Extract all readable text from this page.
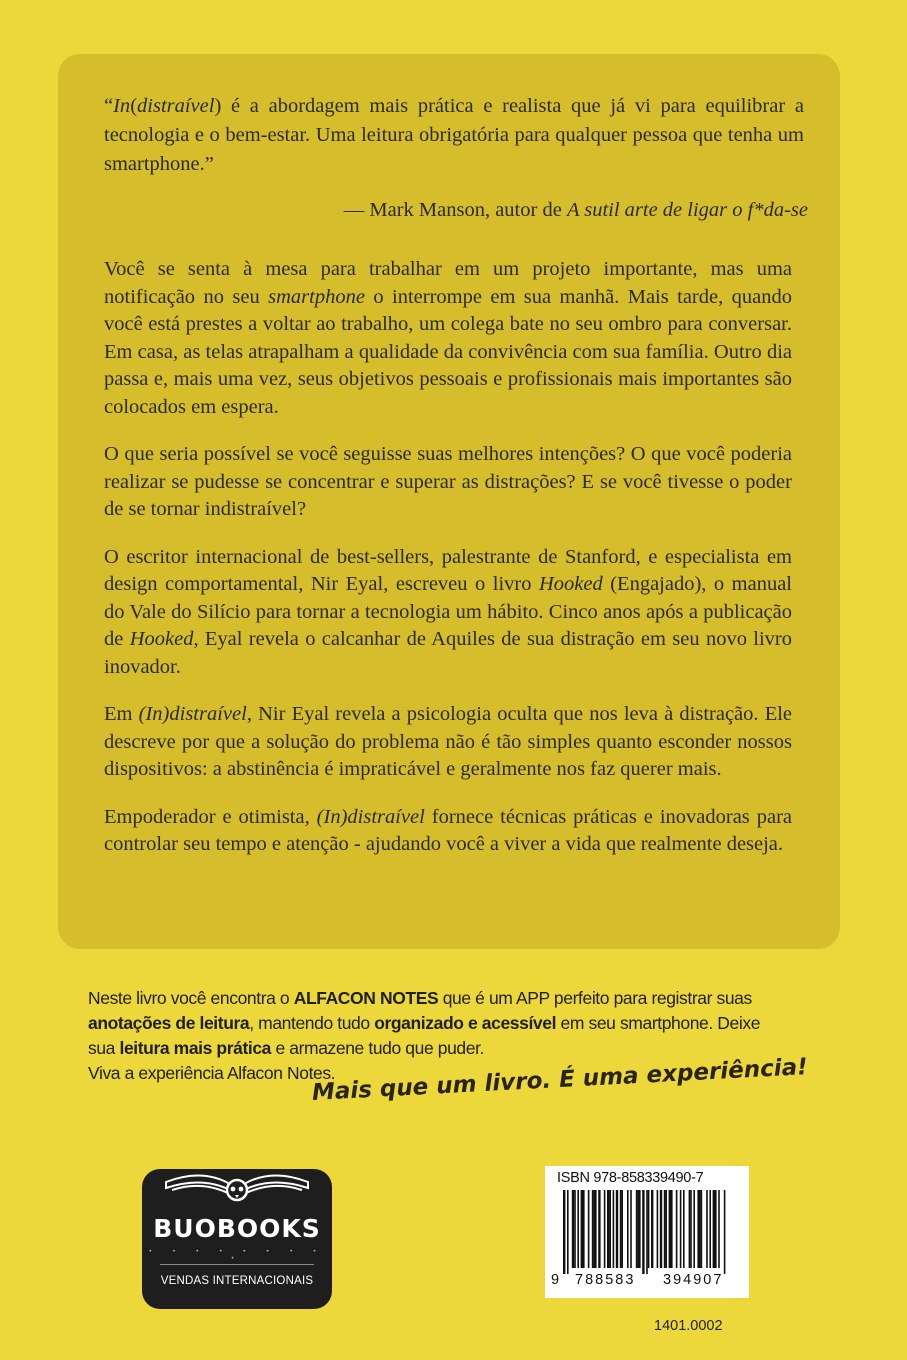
“In(distraível) é a abordagem mais prática e realista que já vi para equilibrar a tecnologia e o bem-estar. Uma leitura obrigatória para qualquer pessoa que tenha um smartphone.”
— Mark Manson, autor de A sutil arte de ligar o f*da-se

Você se senta à mesa para trabalhar em um projeto importante, mas uma notificação no seu smartphone o interrompe em sua manhã. Mais tarde, quando você está prestes a voltar ao trabalho, um colega bate no seu ombro para conversar. Em casa, as telas atrapalham a qualidade da convivência com sua família. Outro dia passa e, mais uma vez, seus objetivos pessoais e profissionais mais importantes são colocados em espera.

O que seria possível se você seguisse suas melhores intenções? O que você poderia realizar se pudesse se concentrar e superar as distrações? E se você tivesse o poder de se tornar indistraível?

O escritor internacional de best-sellers, palestrante de Stanford, e especialista em design comportamental, Nir Eyal, escreveu o livro Hooked (Engajado), o manual do Vale do Silício para tornar a tecnologia um hábito. Cinco anos após a publicação de Hooked, Eyal revela o calcanhar de Aquiles de sua distração em seu novo livro inovador.

Em (In)distraível, Nir Eyal revela a psicologia oculta que nos leva à distração. Ele descreve por que a solução do problema não é tão simples quanto esconder nossos dispositivos: a abstinência é impraticável e geralmente nos faz querer mais.

Empoderador e otimista, (In)distraível fornece técnicas práticas e inovadoras para controlar seu tempo e atenção - ajudando você a viver a vida que realmente deseja.

Neste livro você encontra o ALFACON NOTES que é um APP perfeito para registrar suas anotações de leitura, mantendo tudo organizado e acessível em seu smartphone. Deixe sua leitura mais prática e armazene tudo que puder.
Viva a experiência Alfacon Notes.
Mais que um livro. É uma experiência!
BUOBOOKS
• • • • • • • • •
VENDAS INTERNACIONAIS
ISBN 978-858339490-7
9 788583 394907
1401.0002
